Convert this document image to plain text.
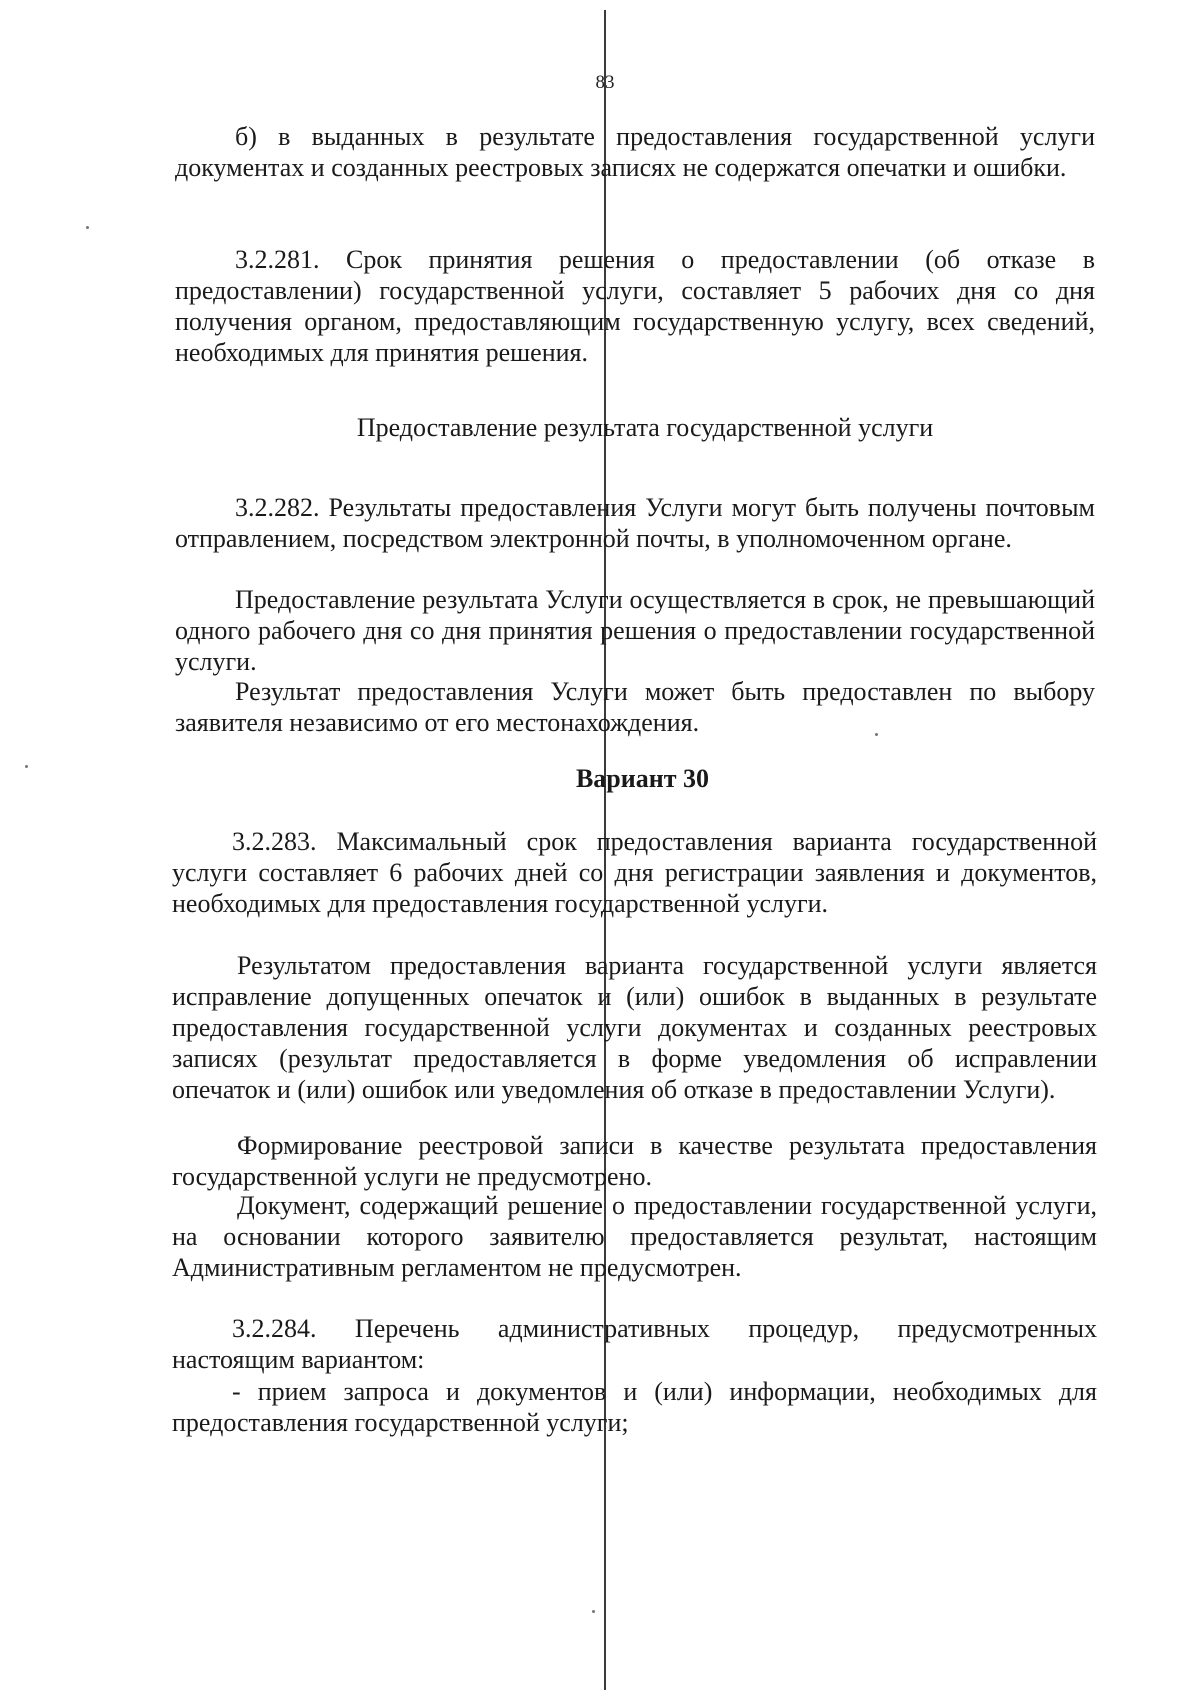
83

б) в выданных в результате предоставления государственной услуги документах и созданных реестровых записях не содержатся опечатки и ошибки.

3.2.281. Срок принятия решения о предоставлении (об отказе в предоставлении) государственной услуги, составляет 5 рабочих дня со дня получения органом, предоставляющим государственную услугу, всех сведений, необходимых для принятия решения.

Предоставление результата государственной услуги

3.2.282. Результаты предоставления Услуги могут быть получены почтовым отправлением, посредством электронной почты, в уполномоченном органе.

Предоставление результата Услуги осуществляется в срок, не превышающий одного рабочего дня со дня принятия решения о предоставлении государственной услуги.

Результат предоставления Услуги может быть предоставлен по выбору заявителя независимо от его местонахождения.

Вариант 30

3.2.283. Максимальный срок предоставления варианта государственной услуги составляет 6 рабочих дней со дня регистрации заявления и документов, необходимых для предоставления государственной услуги.

Результатом предоставления варианта государственной услуги является исправление допущенных опечаток и (или) ошибок в выданных в результате предоставления государственной услуги документах и созданных реестровых записях (результат предоставляется в форме уведомления об исправлении опечаток и (или) ошибок или уведомления об отказе в предоставлении Услуги).

Формирование реестровой записи в качестве результата предоставления государственной услуги не предусмотрено.

Документ, содержащий решение о предоставлении государственной услуги, на основании которого заявителю предоставляется результат, настоящим Административным регламентом не предусмотрен.

3.2.284. Перечень административных процедур, предусмотренных настоящим вариантом:

- прием запроса и документов и (или) информации, необходимых для предоставления государственной услуги;
